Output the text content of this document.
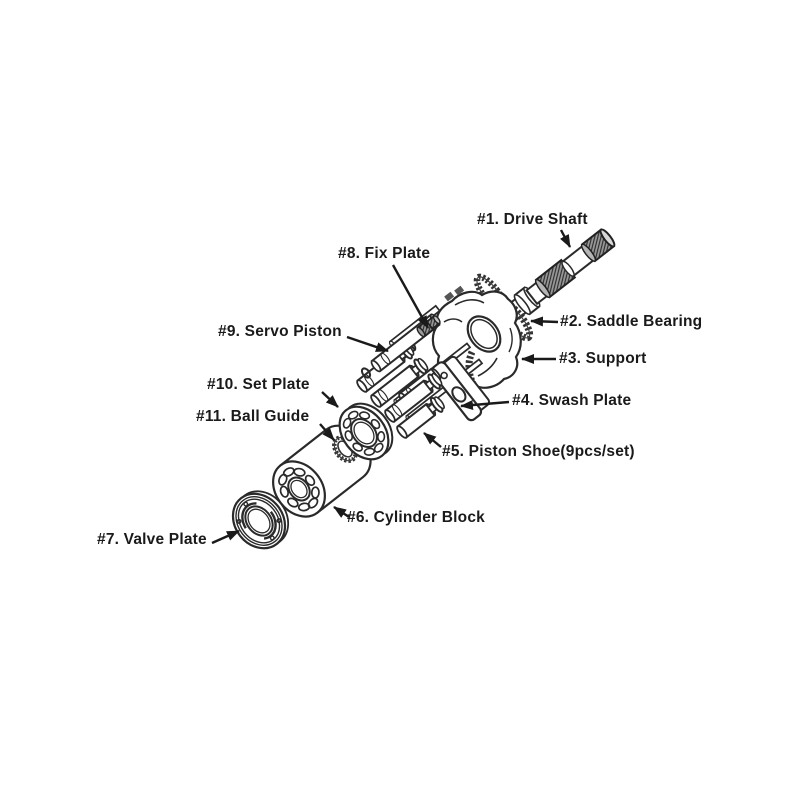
#1. Drive Shaft
#2. Saddle Bearing
#3. Support
#4. Swash Plate
#5. Piston Shoe(9pcs/set)
#6. Cylinder Block
#7. Valve Plate
#8. Fix Plate
#9. Servo Piston
#10. Set Plate
#11. Ball Guide
